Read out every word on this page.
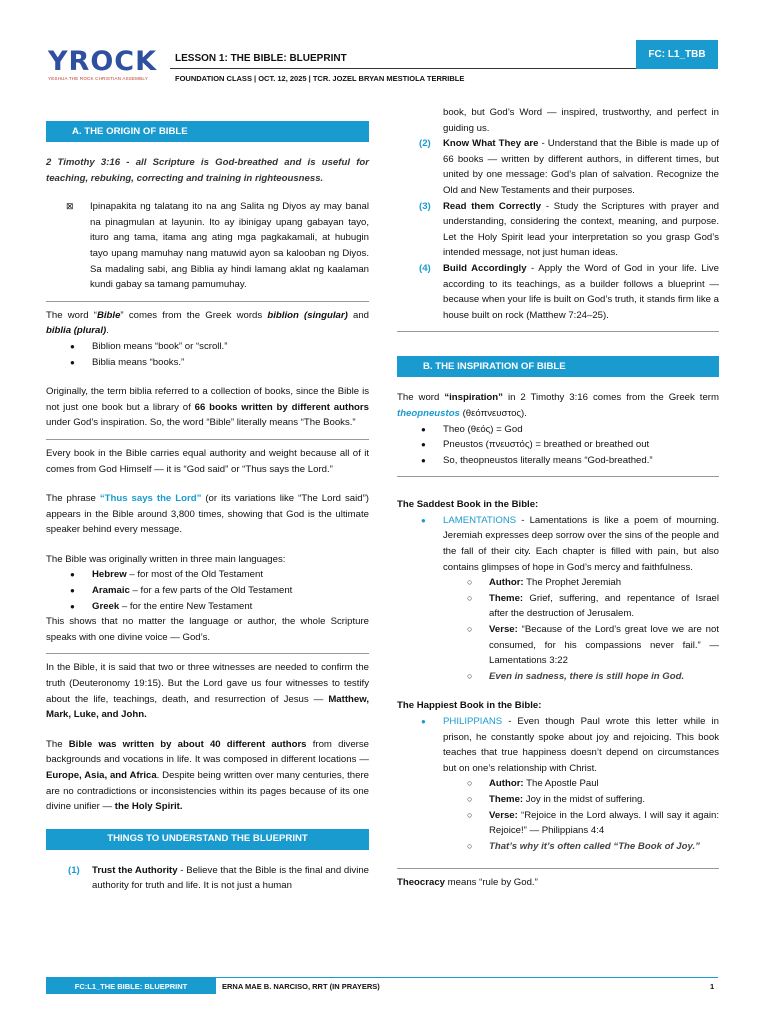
YROCK
YESHUA THE ROCK CHRISTIAN ASSEMBLY
LESSON 1: THE BIBLE: BLUEPRINT
FOUNDATION CLASS | OCT. 12, 2025 | TCR. JOZEL BRYAN MESTIOLA TERRIBLE
FC: L1_TBB
A. THE ORIGIN OF BIBLE

2 Timothy 3:16 - all Scripture is God-breathed and is useful for teaching, rebuking, correcting and training in righteousness.

⊠ Ipinapakita ng talatang ito na ang Salita ng Diyos ay may banal na pinagmulan at layunin. Ito ay ibinigay upang gabayan tayo, ituro ang tama, itama ang ating mga pagkakamali, at hubugin tayo upang mamuhay nang matuwid ayon sa kalooban ng Diyos. Sa madaling sabi, ang Biblia ay hindi lamang aklat ng kaalaman kundi gabay sa tamang pamumuhay.

The word “Bible” comes from the Greek words biblion (singular) and biblia (plural).

● Biblion means “book” or “scroll.”
● Biblia means “books.”

Originally, the term biblia referred to a collection of books, since the Bible is not just one book but a library of 66 books written by different authors under God’s inspiration. So, the word “Bible” literally means “The Books.”

Every book in the Bible carries equal authority and weight because all of it comes from God Himself — it is “God said” or “Thus says the Lord.”

The phrase “Thus says the Lord” (or its variations like “The Lord said”) appears in the Bible around 3,800 times, showing that God is the ultimate speaker behind every message.

The Bible was originally written in three main languages:

● Hebrew – for most of the Old Testament
● Aramaic – for a few parts of the Old Testament
● Greek – for the entire New Testament

This shows that no matter the language or author, the whole Scripture speaks with one divine voice — God’s.

In the Bible, it is said that two or three witnesses are needed to confirm the truth (Deuteronomy 19:15). But the Lord gave us four witnesses to testify about the life, teachings, death, and resurrection of Jesus — Matthew, Mark, Luke, and John.

The Bible was written by about 40 different authors from diverse backgrounds and vocations in life. It was composed in different locations — Europe, Asia, and Africa. Despite being written over many centuries, there are no contradictions or inconsistencies within its pages because of its one divine unifier — the Holy Spirit.

THINGS TO UNDERSTAND THE BLUEPRINT
(1) Trust the Authority - Believe that the Bible is the final and divine authority for truth and life. It is not just a human

book, but God’s Word — inspired, trustworthy, and perfect in guiding us.

(2) Know What They are - Understand that the Bible is made up of 66 books — written by different authors, in different times, but united by one message: God’s plan of salvation. Recognize the Old and New Testaments and their purposes.

(3) Read them Correctly - Study the Scriptures with prayer and understanding, considering the context, meaning, and purpose. Let the Holy Spirit lead your interpretation so you grasp God’s intended message, not just human ideas.

(4) Build Accordingly - Apply the Word of God in your life. Live according to its teachings, as a builder follows a blueprint — because when your life is built on God’s truth, it stands firm like a house built on rock (Matthew 7:24–25).

B. THE INSPIRATION OF BIBLE

The word “inspiration” in 2 Timothy 3:16 comes from the Greek term theopneustos (θεόπνευστος).

● Theo (θεός) = God
● Pneustos (πνευστός) = breathed or breathed out
● So, theopneustos literally means “God-breathed.”

The Saddest Book in the Bible:

● LAMENTATIONS - Lamentations is like a poem of mourning. Jeremiah expresses deep sorrow over the sins of the people and the fall of their city. Each chapter is filled with pain, but also contains glimpses of hope in God’s mercy and faithfulness.

○ Author: The Prophet Jeremiah

○ Theme: Grief, suffering, and repentance of Israel after the destruction of Jerusalem.

○ Verse: “Because of the Lord’s great love we are not consumed, for his compassions never fail.” — Lamentations 3:22

○ Even in sadness, there is still hope in God.

The Happiest Book in the Bible:

● PHILIPPIANS - Even though Paul wrote this letter while in prison, he constantly spoke about joy and rejoicing. This book teaches that true happiness doesn’t depend on circumstances but on one’s relationship with Christ.

○ Author: The Apostle Paul

○ Theme: Joy in the midst of suffering.

○ Verse: “Rejoice in the Lord always. I will say it again: Rejoice!” — Philippians 4:4

○ That’s why it’s often called “The Book of Joy.”

Theocracy means “rule by God.”

FC:L1_THE BIBLE: BLUEPRINT	ERNA MAE B. NARCISO, RRT (IN PRAYERS)	1
